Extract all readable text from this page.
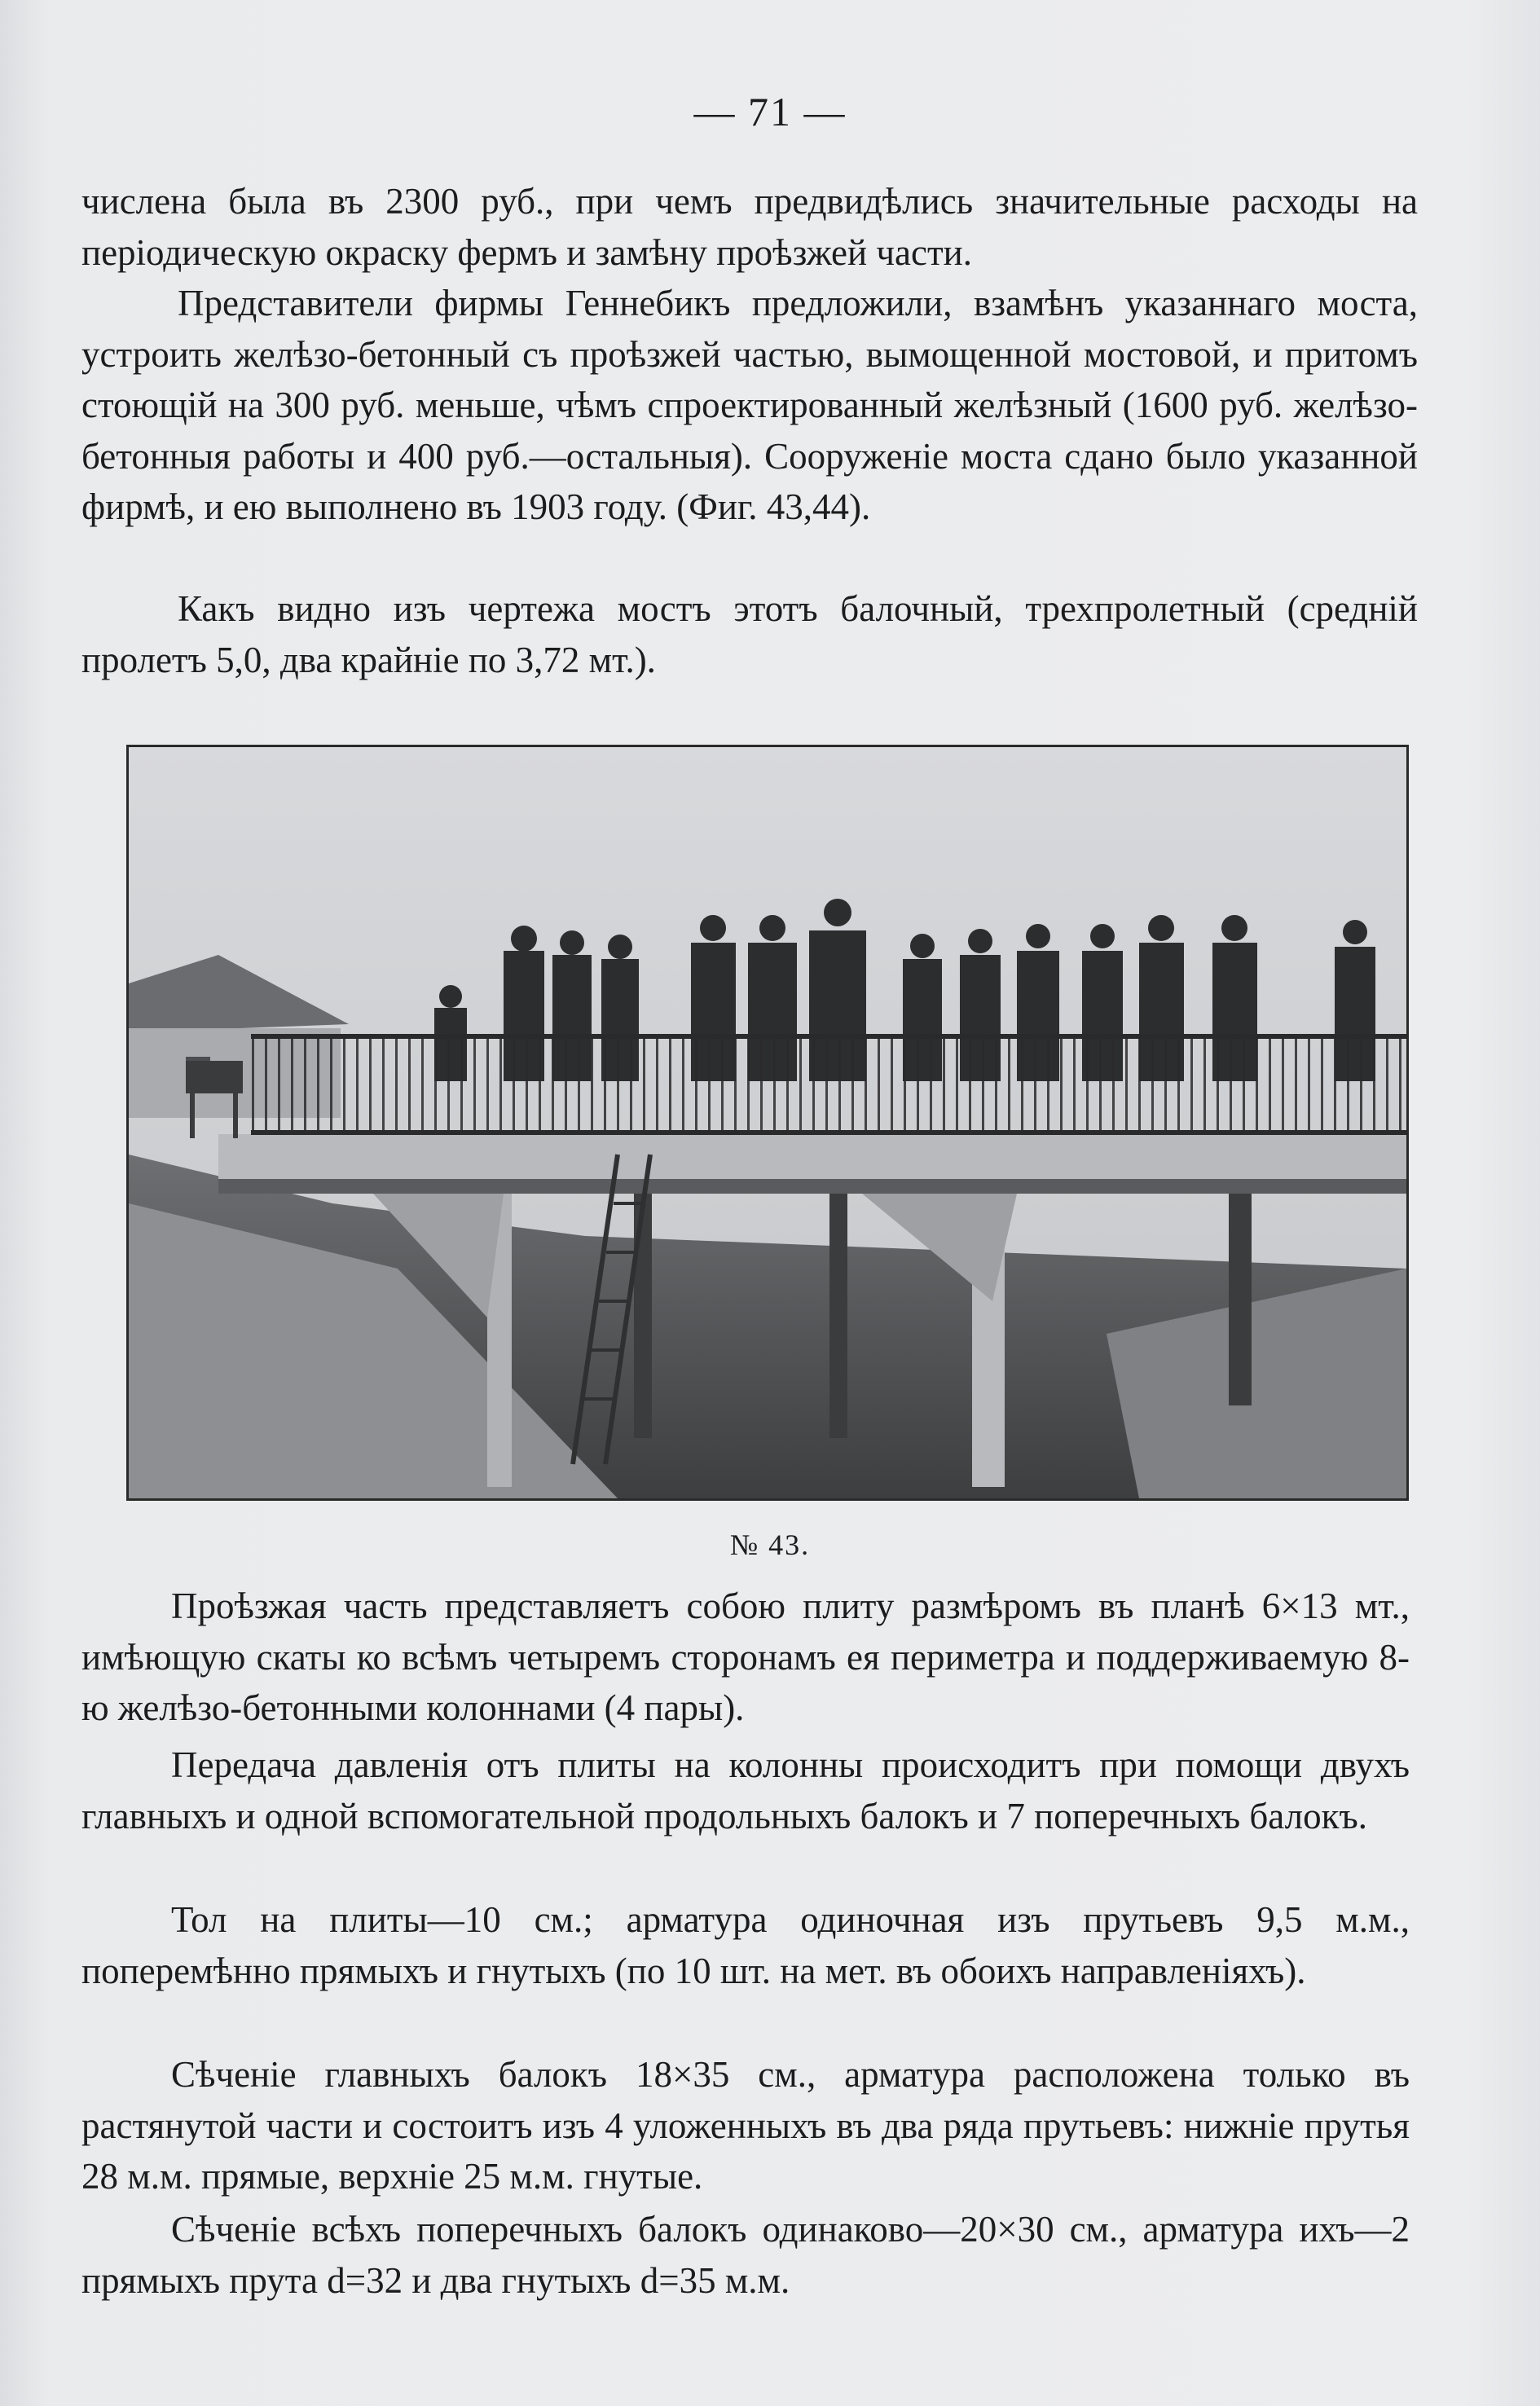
— 71 —

числена была въ 2300 руб., при чемъ предвидѣлись значительные расходы на періодическую окраску фермъ и замѣну проѣзжей части.

Представители фирмы Геннебикъ предложили, взамѣнъ указаннаго моста, устроить желѣзо-бетонный съ проѣзжей частью, вымощенной мостовой, и притомъ стоющій на 300 руб. меньше, чѣмъ спроектированный желѣзный (1600 руб. желѣзо-бетонныя работы и 400 руб.—остальныя). Сооруженіе моста сдано было указанной фирмѣ, и ею выполнено въ 1903 году. (Фиг. 43,44).

Какъ видно изъ чертежа мостъ этотъ балочный, трехпролетный (средній пролетъ 5,0, два крайніе по 3,72 мт.).

№ 43.

Проѣзжая часть представляетъ собою плиту размѣромъ въ планѣ 6×13 мт., имѣющую скаты ко всѣмъ четыремъ сторонамъ ея периметра и поддерживаемую 8-ю желѣзо-бетонными колоннами (4 пары).

Передача давленія отъ плиты на колонны происходитъ при помощи двухъ главныхъ и одной вспомогательной продольныхъ балокъ и 7 поперечныхъ балокъ.

Тол на плиты—10 см.; арматура одиночная изъ прутьевъ 9,5 м.м., поперемѣнно прямыхъ и гнутыхъ (по 10 шт. на мет. въ обоихъ направленіяхъ).

Сѣченіе главныхъ балокъ 18×35 см., арматура расположена только въ растянутой части и состоитъ изъ 4 уложенныхъ въ два ряда прутьевъ: нижніе прутья 28 м.м. прямые, верхніе 25 м.м. гнутые.

Сѣченіе всѣхъ поперечныхъ балокъ одинаково—20×30 см., арматура ихъ—2 прямыхъ прута d=32 и два гнутыхъ d=35 м.м.
